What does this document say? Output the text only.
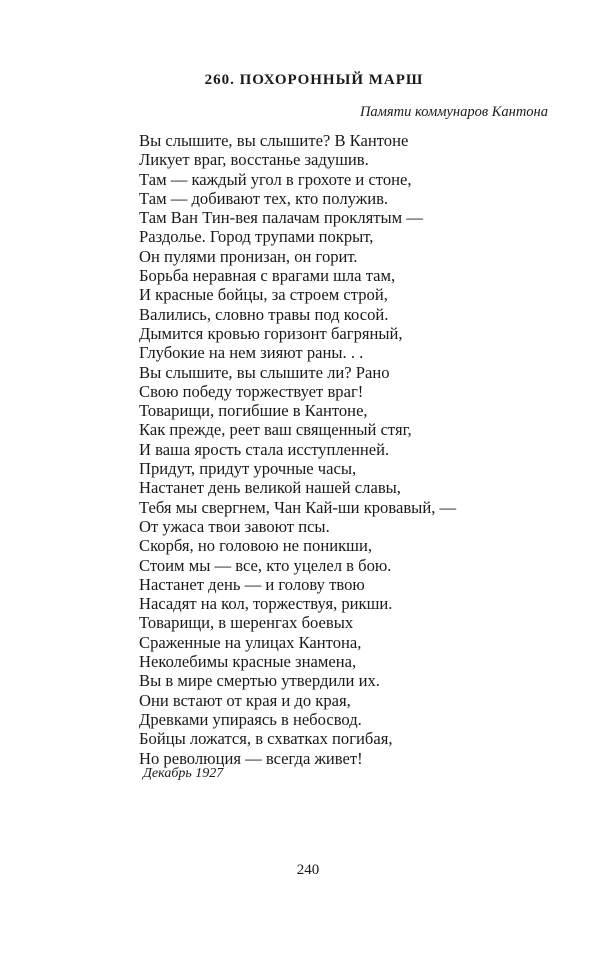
260. ПОХОРОННЫЙ МАРШ
Памяти коммунаров Кантона
Вы слышите, вы слышите? В Кантоне
Ликует враг, восстанье задушив.
Там — каждый угол в грохоте и стоне,
Там — добивают тех, кто полужив.
Там Ван Тин-вея палачам проклятым —
Раздолье. Город трупами покрыт,
Он пулями пронизан, он горит.
Борьба неравная с врагами шла там,
И красные бойцы, за строем строй,
Валились, словно травы под косой.
Дымится кровью горизонт багряный,
Глубокие на нем зияют раны. . .
Вы слышите, вы слышите ли? Рано
Свою победу торжествует враг!
Товарищи, погибшие в Кантоне,
Как прежде, реет ваш священный стяг,
И ваша ярость стала исступленней.
Придут, придут урочные часы,
Настанет день великой нашей славы,
Тебя мы свергнем, Чан Кай-ши кровавый, —
От ужаса твои завоют псы.
Скорбя, но головою не поникши,
Стоим мы — все, кто уцелел в бою.
Настанет день — и голову твою
Насадят на кол, торжествуя, рикши.
Товарищи, в шеренгах боевых
Сраженные на улицах Кантона,
Неколебимы красные знамена,
Вы в мире смертью утвердили их.
Они встают от края и до края,
Древками упираясь в небосвод.
Бойцы ложатся, в схватках погибая,
Но революция — всегда живет!
Декабрь 1927
240
